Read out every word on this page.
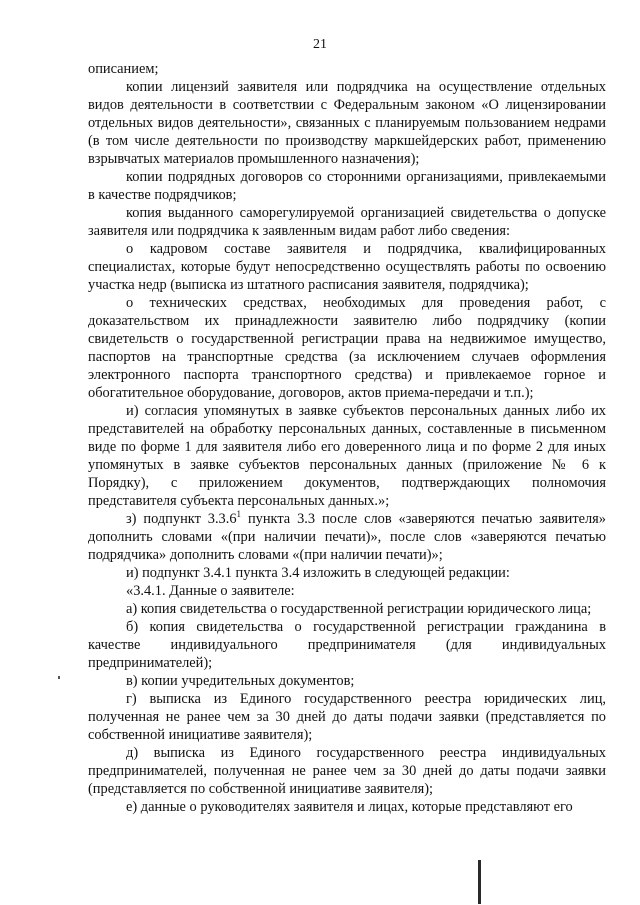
21

описанием;

копии лицензий заявителя или подрядчика на осуществление отдельных видов деятельности в соответствии с Федеральным законом «О лицензировании отдельных видов деятельности», связанных с планируемым пользованием недрами (в том числе деятельности по производству маркшейдерских работ, применению взрывчатых материалов промышленного назначения);

копии подрядных договоров со сторонними организациями, привлекаемыми в качестве подрядчиков;

копия выданного саморегулируемой организацией свидетельства о допуске заявителя или подрядчика к заявленным видам работ либо сведения:

о кадровом составе заявителя и подрядчика, квалифицированных специалистах, которые будут непосредственно осуществлять работы по освоению участка недр (выписка из штатного расписания заявителя, подрядчика);

о технических средствах, необходимых для проведения работ, с доказательством их принадлежности заявителю либо подрядчику (копии свидетельств о государственной регистрации права на недвижимое имущество, паспортов на транспортные средства (за исключением случаев оформления электронного паспорта транспортного средства) и привлекаемое горное и обогатительное оборудование, договоров, актов приема-передачи и т.п.);

и) согласия упомянутых в заявке субъектов персональных данных либо их представителей на обработку персональных данных, составленные в письменном виде по форме 1 для заявителя либо его доверенного лица и по форме 2 для иных упомянутых в заявке субъектов персональных данных (приложение № 6 к Порядку), с приложением документов, подтверждающих полномочия представителя субъекта персональных данных.»;

з) подпункт 3.3.6$^1$ пункта 3.3 после слов «заверяются печатью заявителя» дополнить словами «(при наличии печати)», после слов «заверяются печатью подрядчика» дополнить словами «(при наличии печати)»;

и) подпункт 3.4.1 пункта 3.4 изложить в следующей редакции:

«3.4.1. Данные о заявителе:

а) копия свидетельства о государственной регистрации юридического лица;

б) копия свидетельства о государственной регистрации гражданина в качестве индивидуального предпринимателя (для индивидуальных предпринимателей);

в) копии учредительных документов;

г) выписка из Единого государственного реестра юридических лиц, полученная не ранее чем за 30 дней до даты подачи заявки (представляется по собственной инициативе заявителя);

д) выписка из Единого государственного реестра индивидуальных предпринимателей, полученная не ранее чем за 30 дней до даты подачи заявки (представляется по собственной инициативе заявителя);

е) данные о руководителях заявителя и лицах, которые представляют его
